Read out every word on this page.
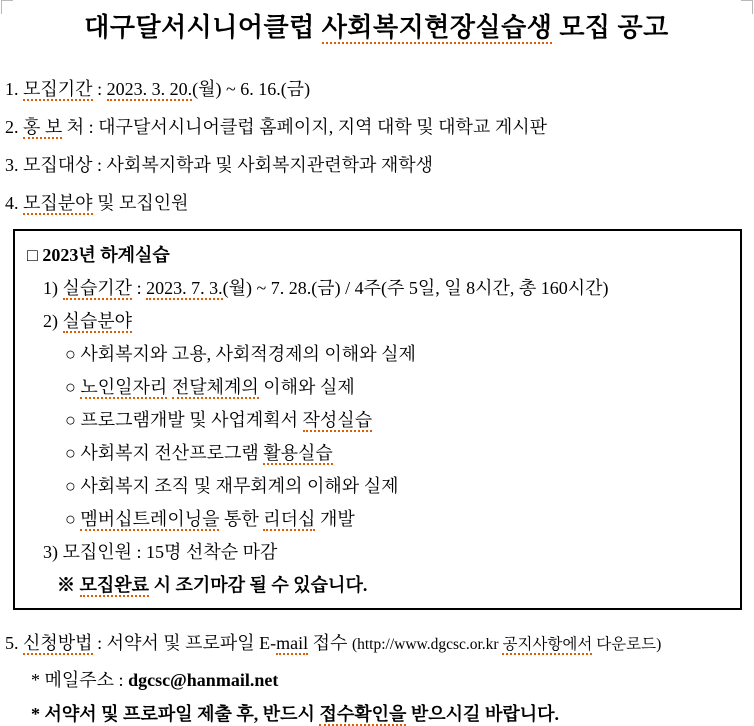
대구달서시니어클럽 사회복지현장실습생 모집 공고
1. 모집기간 : 2023. 3. 20.(월) ~ 6. 16.(금)
2. 홍 보 처 : 대구달서시니어클럽 홈페이지, 지역 대학 및 대학교 게시판
3. 모집대상 : 사회복지학과 및 사회복지관련학과 재학생
4. 모집분야 및 모집인원
□ 2023년 하계실습
1) 실습기간 : 2023. 7. 3.(월) ~ 7. 28.(금) / 4주(주 5일, 일 8시간, 총 160시간)
2) 실습분야
○ 사회복지와 고용, 사회적경제의 이해와 실제
○ 노인일자리 전달체계의 이해와 실제
○ 프로그램개발 및 사업계획서 작성실습
○ 사회복지 전산프로그램 활용실습
○ 사회복지 조직 및 재무회계의 이해와 실제
○ 멤버십트레이닝을 통한 리더십 개발
3) 모집인원 : 15명 선착순 마감
※ 모집완료 시 조기마감 될 수 있습니다.
5. 신청방법 : 서약서 및 프로파일 E-mail 접수 (http://www.dgcsc.or.kr 공지사항에서 다운로드)
* 메일주소 : dgcsc@hanmail.net
* 서약서 및 프로파일 제출 후, 반드시 접수확인을 받으시길 바랍니다.
